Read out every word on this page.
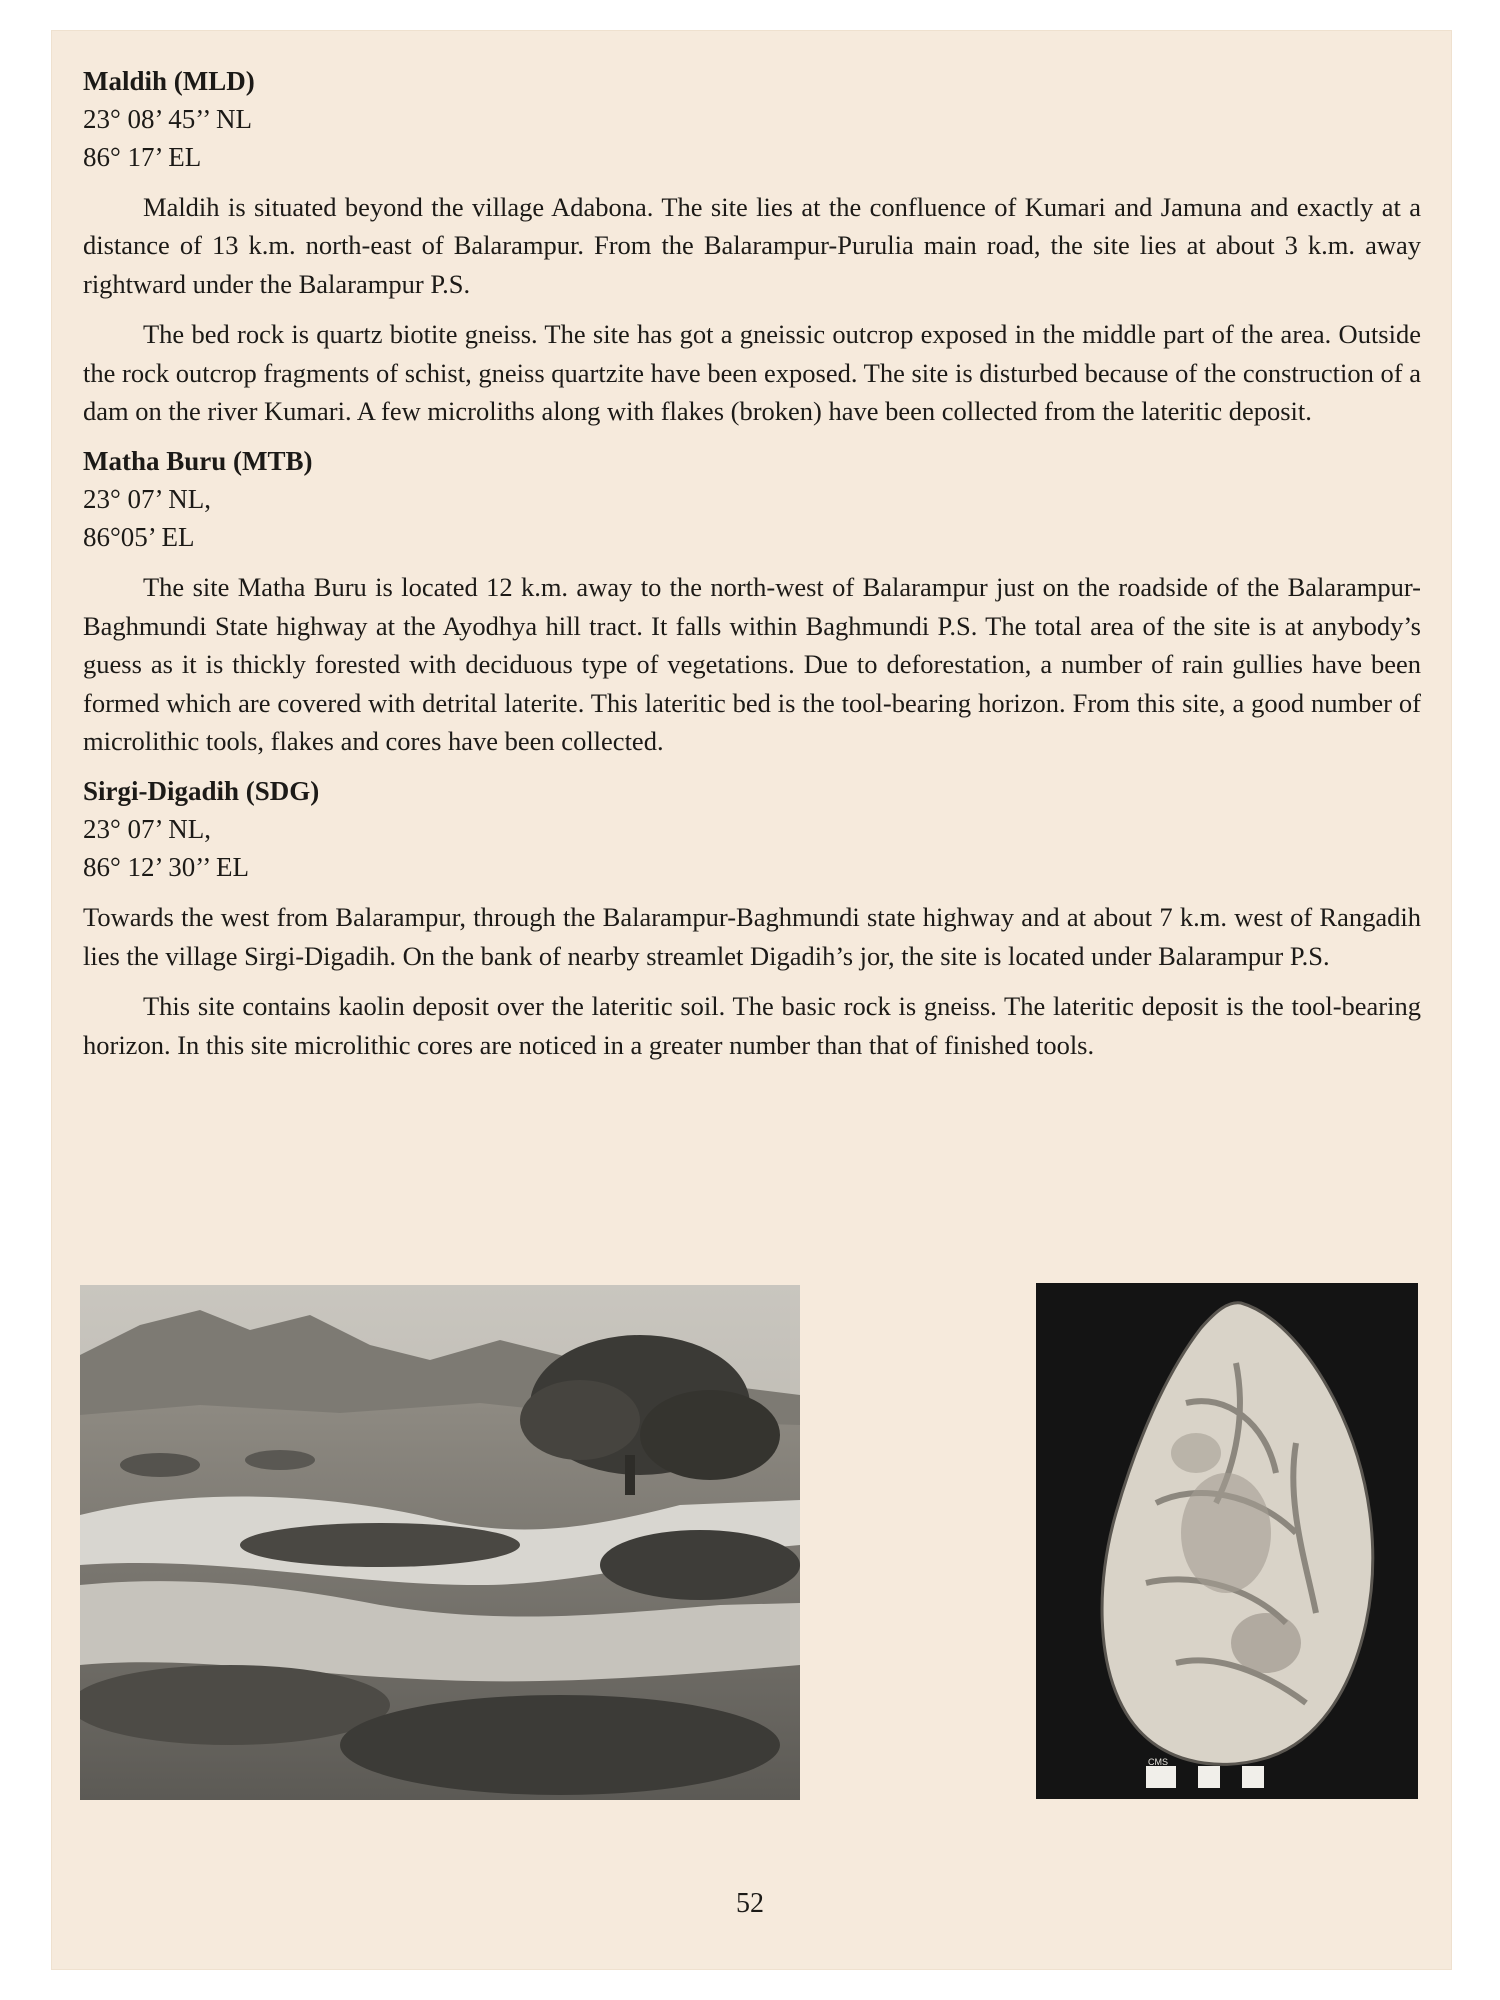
Maldih (MLD)

23° 08’ 45’’ NL

86° 17’ EL

Maldih is situated beyond the village Adabona. The site lies at the confluence of Kumari and Jamuna and exactly at a distance of 13 k.m. north-east of Balarampur. From the Balarampur-Purulia main road, the site lies at about 3 k.m. away rightward under the Balarampur P.S.

The bed rock is quartz biotite gneiss. The site has got a gneissic outcrop exposed in the middle part of the area. Outside the rock outcrop fragments of schist, gneiss quartzite have been exposed. The site is disturbed because of the construction of a dam on the river Kumari. A few microliths along with flakes (broken) have been collected from the lateritic deposit.

Matha Buru (MTB)

23° 07’ NL,

86°05’ EL

The site Matha Buru is located 12 k.m. away to the north-west of Balarampur just on the roadside of the Balarampur-Baghmundi State highway at the Ayodhya hill tract. It falls within Baghmundi P.S. The total area of the site is at anybody’s guess as it is thickly forested with deciduous type of vegetations. Due to deforestation, a number of rain gullies have been formed which are covered with detrital laterite. This lateritic bed is the tool-bearing horizon. From this site, a good number of microlithic tools, flakes and cores have been collected.

Sirgi-Digadih (SDG)

23° 07’ NL,

86° 12’ 30’’ EL

Towards the west from Balarampur, through the Balarampur-Baghmundi state highway and at about 7 k.m. west of Rangadih lies the village Sirgi-Digadih. On the bank of nearby streamlet Digadih’s jor, the site is located under Balarampur P.S.

This site contains kaolin deposit over the lateritic soil. The basic rock is gneiss. The lateritic deposit is the tool-bearing horizon. In this site microlithic cores are noticed in a greater number than that of finished tools.

CMS
52
